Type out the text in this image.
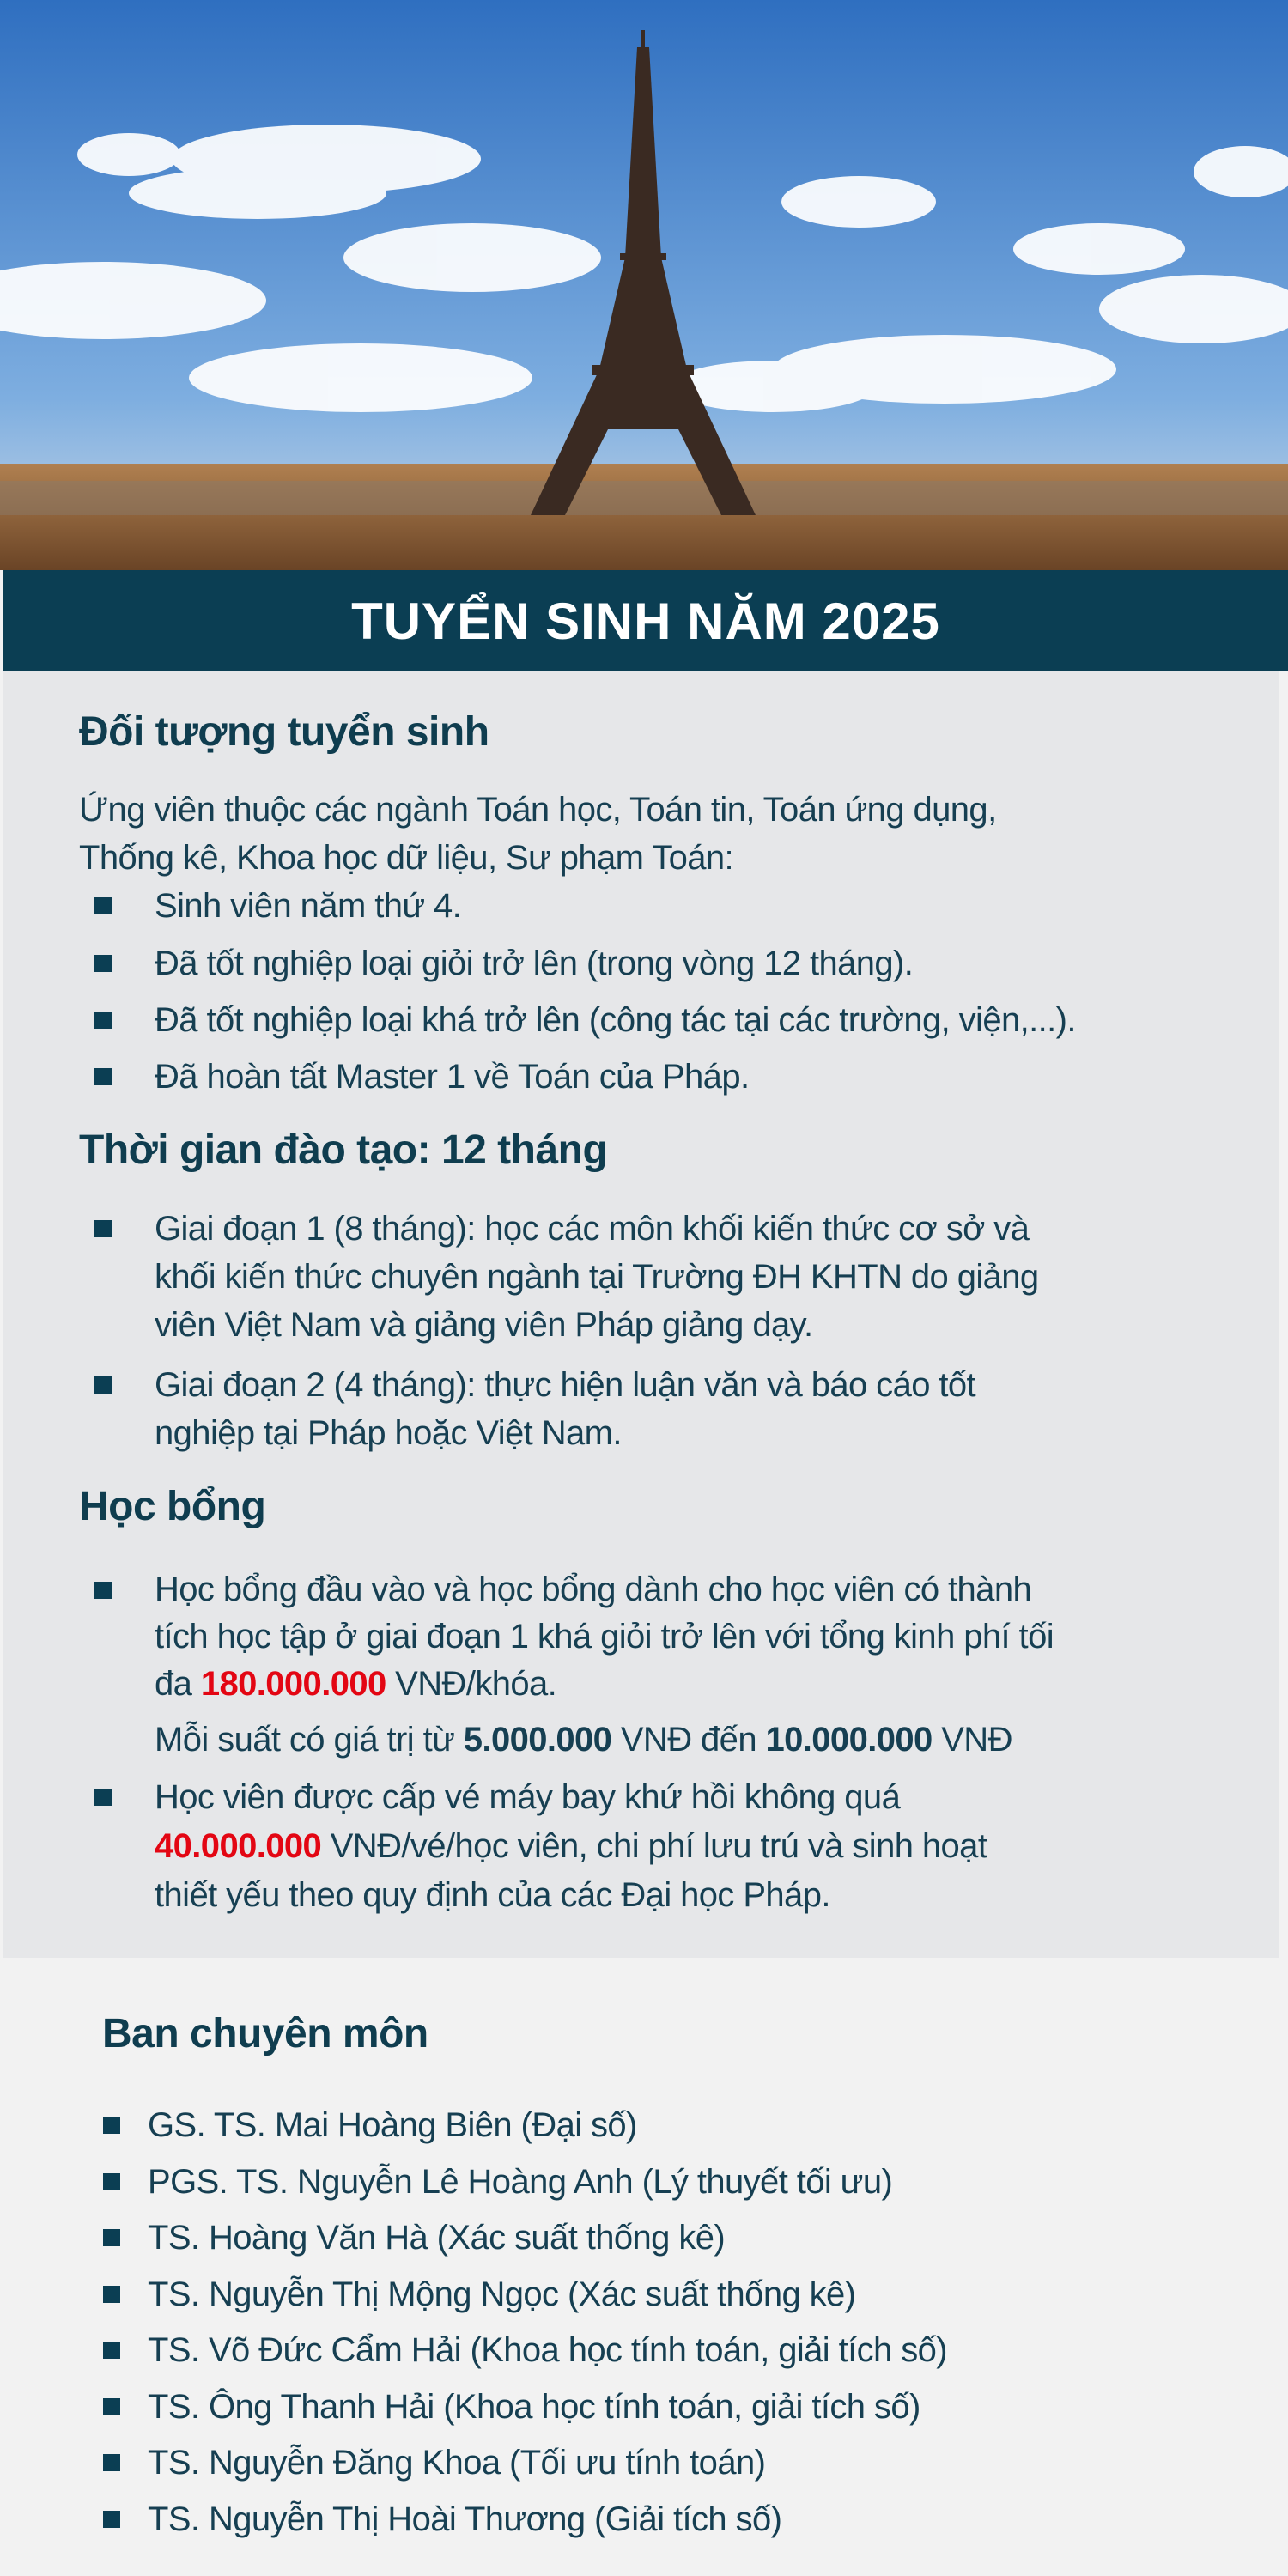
TUYỂN SINH NĂM 2025
Đối tượng tuyển sinh
Ứng viên thuộc các ngành Toán học, Toán tin, Toán ứng dụng,
Thống kê, Khoa học dữ liệu, Sư phạm Toán:
Sinh viên năm thứ 4.
Đã tốt nghiệp loại giỏi trở lên (trong vòng 12 tháng).
Đã tốt nghiệp loại khá trở lên (công tác tại các trường, viện,...).
Đã hoàn tất Master 1 về Toán của Pháp.
Thời gian đào tạo: 12 tháng
Giai đoạn 1 (8 tháng): học các môn khối kiến thức cơ sở và
khối kiến thức chuyên ngành tại Trường ĐH KHTN do giảng
viên Việt Nam và giảng viên Pháp giảng dạy.
Giai đoạn 2 (4 tháng): thực hiện luận văn và báo cáo tốt
nghiệp tại Pháp hoặc Việt Nam.
Học bổng
Học bổng đầu vào và học bổng dành cho học viên có thành
tích học tập ở giai đoạn 1 khá giỏi trở lên với tổng kinh phí tối
đa 180.000.000 VNĐ/khóa.
Mỗi suất có giá trị từ 5.000.000 VNĐ đến 10.000.000 VNĐ
Học viên được cấp vé máy bay khứ hồi không quá
40.000.000 VNĐ/vé/học viên, chi phí lưu trú và sinh hoạt
thiết yếu theo quy định của các Đại học Pháp.
Ban chuyên môn
GS. TS. Mai Hoàng Biên (Đại số)
PGS. TS. Nguyễn Lê Hoàng Anh (Lý thuyết tối ưu)
TS. Hoàng Văn Hà (Xác suất thống kê)
TS. Nguyễn Thị Mộng Ngọc (Xác suất thống kê)
TS. Võ Đức Cẩm Hải (Khoa học tính toán, giải tích số)
TS. Ông Thanh Hải (Khoa học tính toán, giải tích số)
TS. Nguyễn Đăng Khoa (Tối ưu tính toán)
TS. Nguyễn Thị Hoài Thương (Giải tích số)
